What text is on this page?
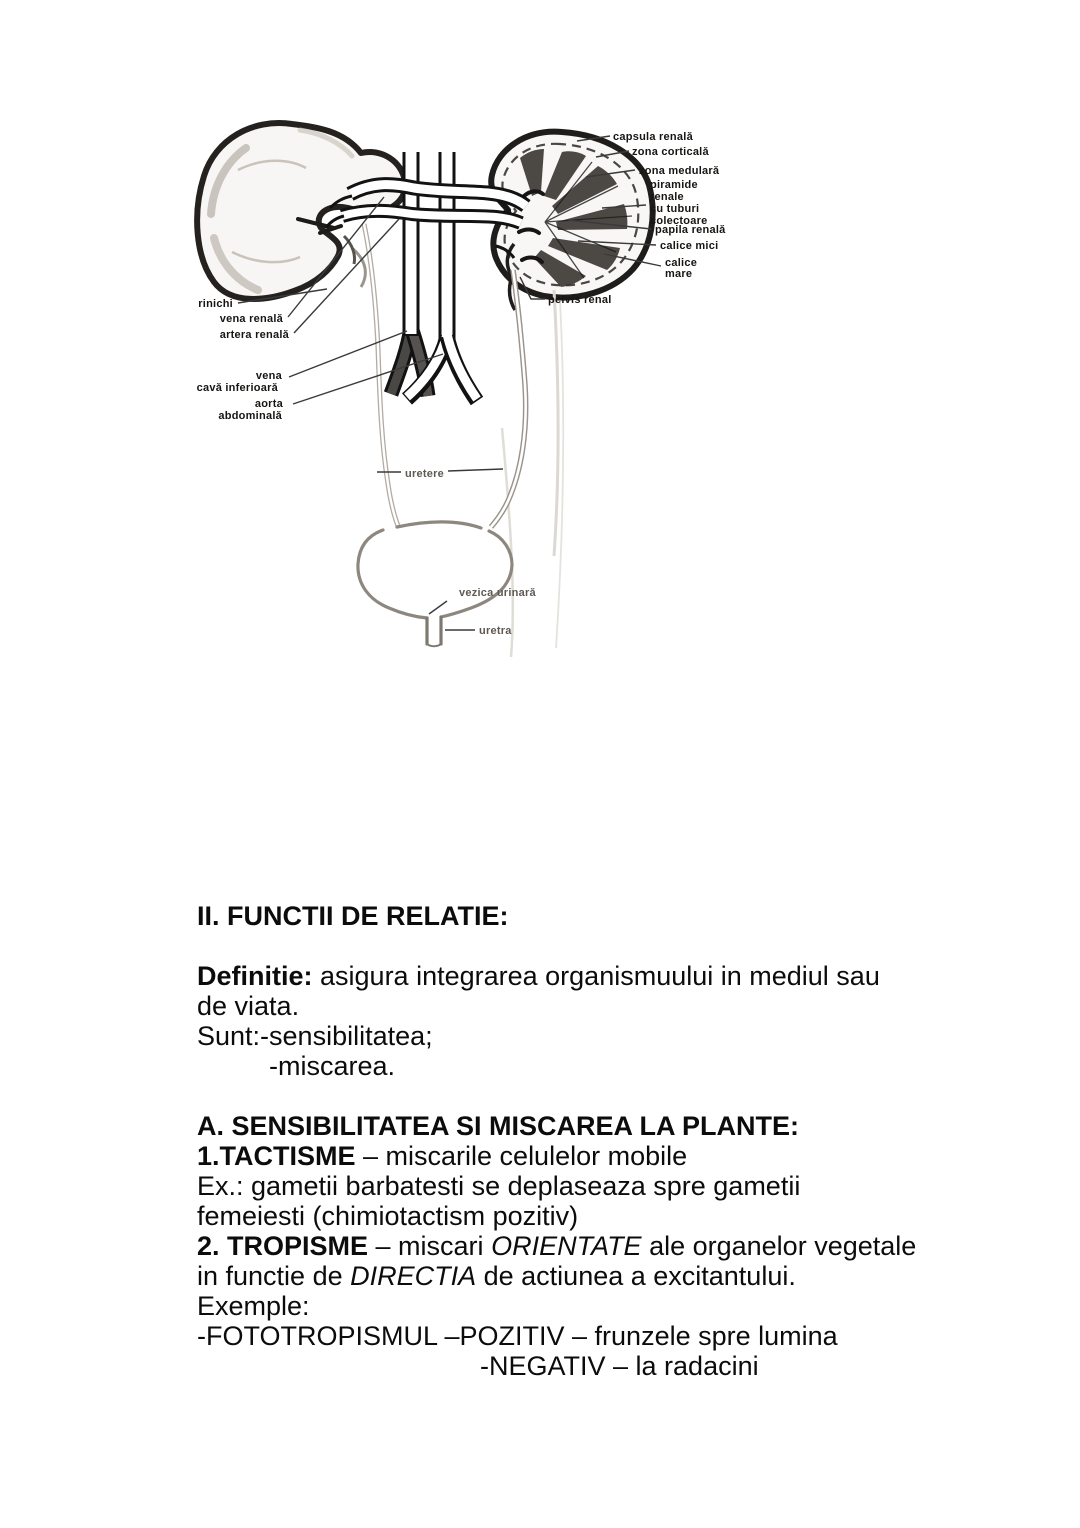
capsula renală
zona corticală
zona medulară
piramide
renale
cu tuburi
colectoare
papila renală
calice mici
calice
mare
pelvis renal
rinichi
vena renală
artera renală
vena
cavă inferioară
aorta
abdominală
uretere
vezica urinară
uretra
II. FUNCTII DE RELATIE:

Definitie: asigura integrarea organismuului in mediul sau
de viata.
Sunt:-sensibilitatea;
-miscarea.

A. SENSIBILITATEA SI MISCAREA LA PLANTE:
1.TACTISME – miscarile celulelor mobile
Ex.: gametii barbatesti se deplaseaza spre gametii
femeiesti (chimiotactism pozitiv)
2. TROPISME – miscari ORIENTATE ale organelor vegetale
in functie de DIRECTIA de actiunea a excitantului.
Exemple:
-FOTOTROPISMUL –POZITIV – frunzele spre lumina
-NEGATIV – la radacini
